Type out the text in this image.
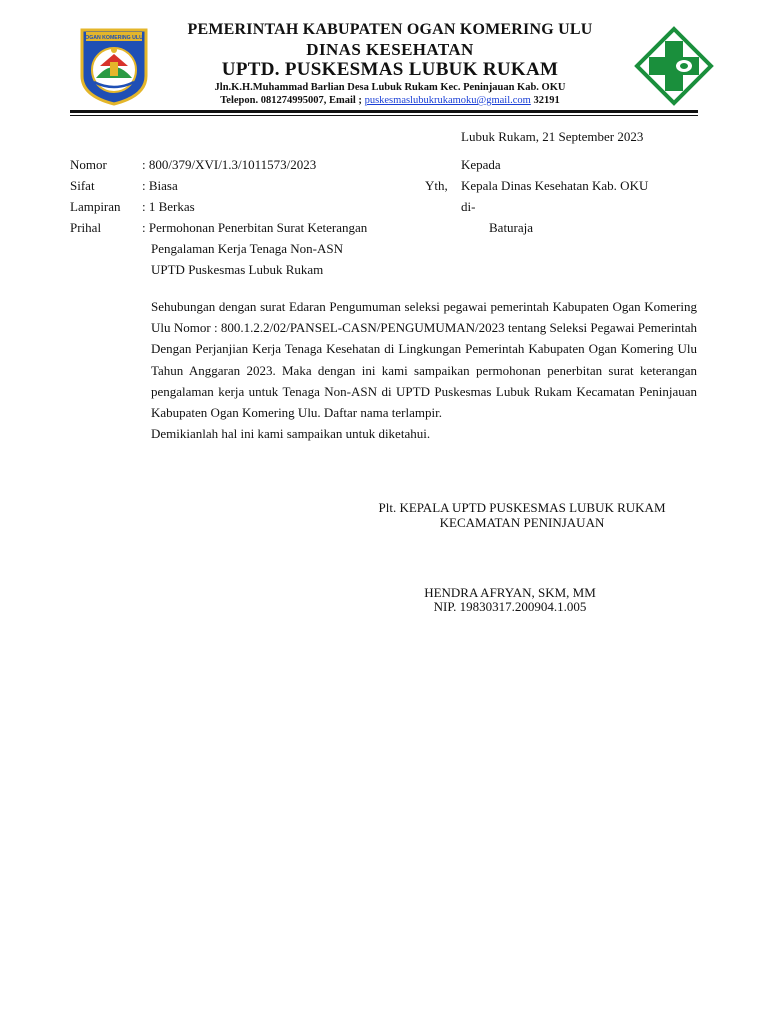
OGAN KOMERING ULU
PEMERINTAH KABUPATEN OGAN KOMERING ULU
DINAS KESEHATAN
UPTD. PUSKESMAS LUBUK RUKAM
Jln.K.H.Muhammad Barlian Desa Lubuk Rukam Kec. Peninjauan Kab. OKU
Telepon. 081274995007, Email ; puskesmaslubukrukamoku@gmail.com 32191
Lubuk Rukam, 21 September 2023
Nomor	: 800/379/XVI/1.3/1011573/2023
Sifat	: Biasa
Lampiran : 1 Berkas
Prihal	: Permohonan Penerbitan Surat Keterangan
Pengalaman Kerja Tenaga Non-ASN
UPTD Puskesmas Lubuk Rukam
Kepada
Yth, Kepala Dinas Kesehatan Kab. OKU
di-
Baturaja

Sehubungan dengan surat Edaran Pengumuman seleksi pegawai pemerintah Kabupaten Ogan Komering Ulu Nomor : 800.1.2.2/02/PANSEL-CASN/PENGUMUMAN/2023 tentang Seleksi Pegawai Pemerintah Dengan Perjanjian Kerja Tenaga Kesehatan di Lingkungan Pemerintah Kabupaten Ogan Komering Ulu Tahun Anggaran 2023. Maka dengan ini kami sampaikan permohonan penerbitan surat keterangan pengalaman kerja untuk Tenaga Non-ASN di UPTD Puskesmas Lubuk Rukam Kecamatan Peninjauan Kabupaten Ogan Komering Ulu. Daftar nama terlampir.

Demikianlah hal ini kami sampaikan untuk diketahui.

Plt. KEPALA UPTD PUSKESMAS LUBUK RUKAM
KECAMATAN PENINJAUAN
HENDRA AFRYAN, SKM, MM
NIP. 19830317.200904.1.005
